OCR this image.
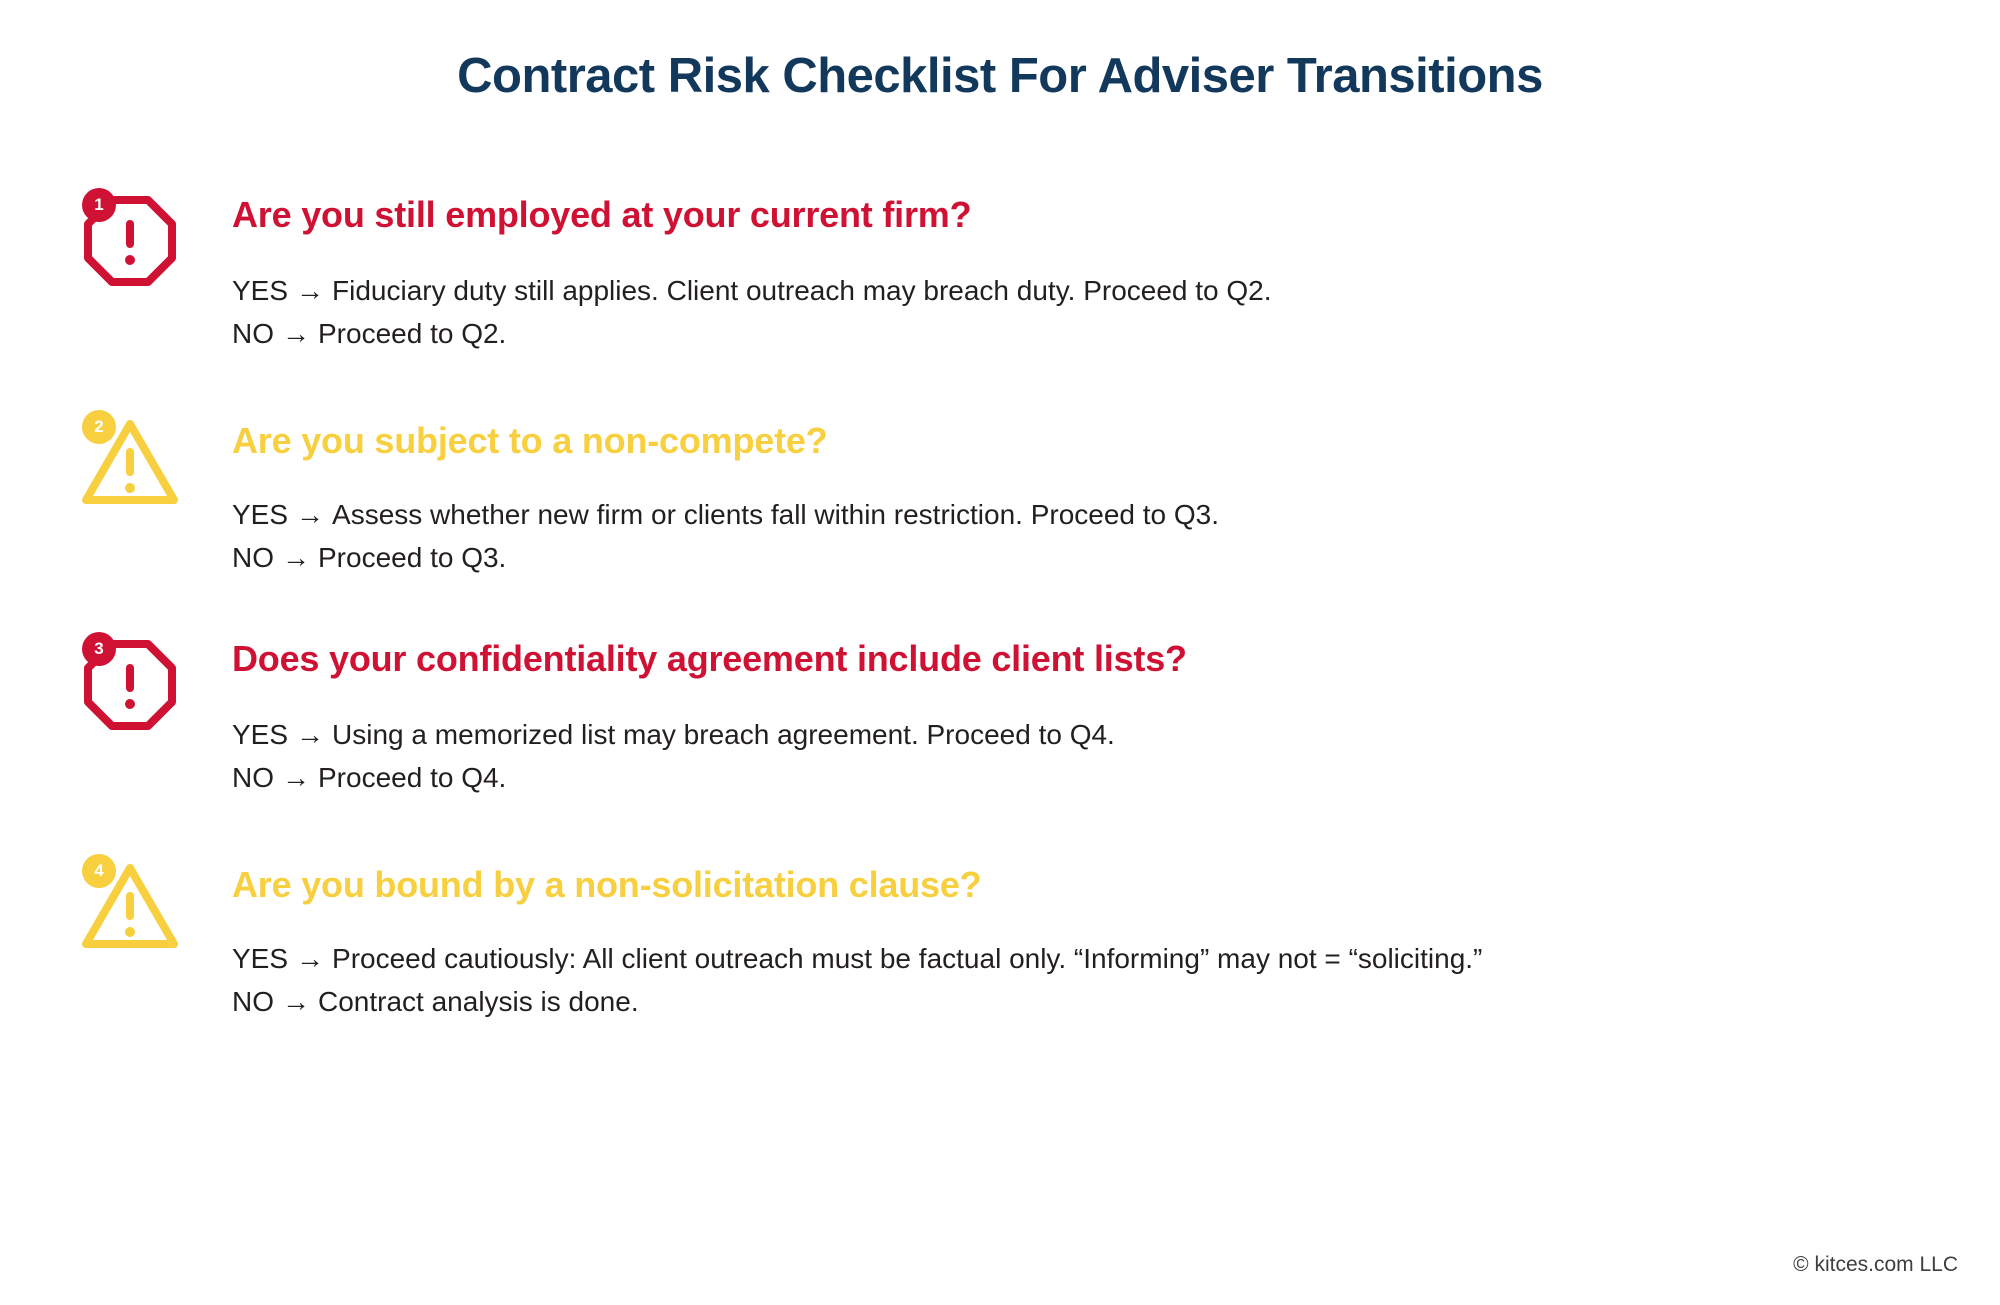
Contract Risk Checklist For Adviser Transitions
1	Are you still employed at your current firm?
YES → Fiduciary duty still applies. Client outreach may breach duty. Proceed to Q2.
NO → Proceed to Q2.
2	Are you subject to a non-compete?
YES → Assess whether new firm or clients fall within restriction. Proceed to Q3.
NO → Proceed to Q3.
3	Does your confidentiality agreement include client lists?
YES → Using a memorized list may breach agreement. Proceed to Q4.
NO → Proceed to Q4.
4	Are you bound by a non-solicitation clause?
YES → Proceed cautiously: All client outreach must be factual only. “Informing” may not = “soliciting.”
NO → Contract analysis is done.
© kitces.com LLC
